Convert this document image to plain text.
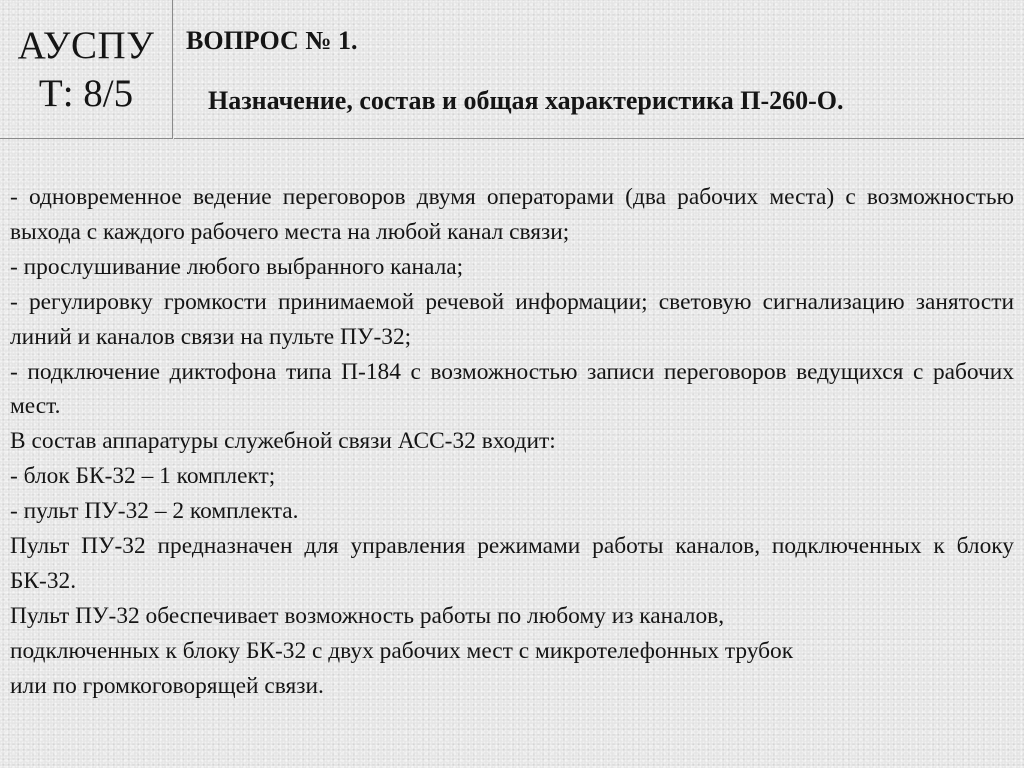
АУСПУ
Т: 8/5
ВОПРОС № 1.
Назначение, состав и общая характеристика П-260-О.

- одновременное ведение переговоров двумя операторами (два рабочих места) с возможностью выхода с каждого рабочего места на любой канал связи;

- прослушивание любого выбранного канала;

- регулировку громкости принимаемой речевой информации; световую сигнализацию занятости линий и каналов связи на пульте ПУ-32;

- подключение диктофона типа П-184 с возможностью записи переговоров ведущихся с рабочих мест.

В состав аппаратуры служебной связи АСС-32 входит:

- блок БК-32 – 1 комплект;

- пульт ПУ-32 – 2 комплекта.

Пульт ПУ-32 предназначен для управления режимами работы каналов, подключенных к блоку БК-32.

Пульт ПУ-32 обеспечивает возможность работы по любому из каналов,

подключенных к блоку БК-32 с двух рабочих мест с микротелефонных трубок

или по громкоговорящей связи.
